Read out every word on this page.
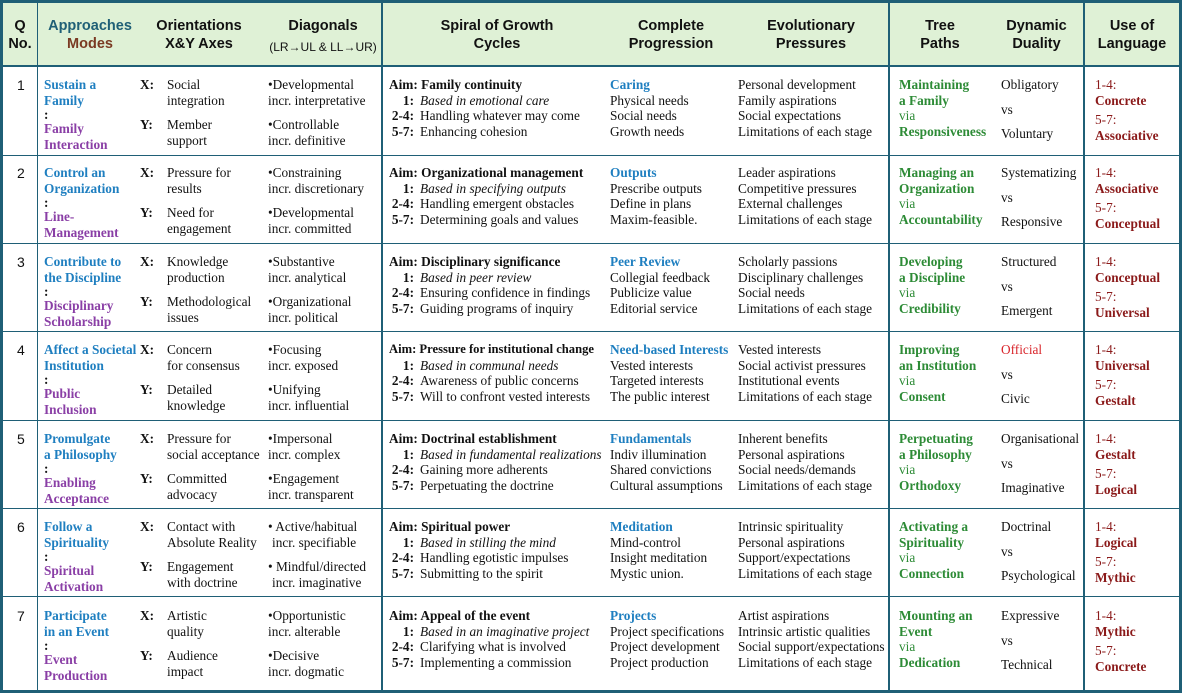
Q
No.
Approaches
Modes
Orientations
X&Y Axes
Diagonals
(LR→UL & LL→UR)
Spiral of Growth
Cycles
Complete
Progression
Evolutionary
Pressures
Tree
Paths
Dynamic
Duality
Use of
Language
1 Sustain a
Family
:
Family
Interaction
X: Social
integration
Y: Member
support
•Developmental
incr. interpretative
•Controllable
incr. definitive
Aim: Family continuity
1: Based in emotional care
2-4: Handling whatever may come
5-7: Enhancing cohesion
Caring
Physical needs
Social needs
Growth needs
Personal development
Family aspirations
Social expectations
Limitations of each stage
Maintaining
a Family
via
Responsiveness
Obligatory
vs
Voluntary
1-4:
Concrete
5-7:
Associative
2 Control an
Organization
:
Line-
Management
X: Pressure for
results
Y: Need for
engagement
•Constraining
incr. discretionary
•Developmental
incr. committed
Aim: Organizational management
1: Based in specifying outputs
2-4: Handling emergent obstacles
5-7: Determining goals and values
Outputs
Prescribe outputs
Define in plans
Maxim-feasible.
Leader aspirations
Competitive pressures
External challenges
Limitations of each stage
Managing an
Organization
via
Accountability
Systematizing
vs
Responsive
1-4:
Associative
5-7:
Conceptual
3 Contribute to
the Discipline
:
Disciplinary
Scholarship
X: Knowledge
production
Y: Methodological
issues
•Substantive
incr. analytical
•Organizational
incr. political
Aim: Disciplinary significance
1: Based in peer review
2-4: Ensuring confidence in findings
5-7: Guiding programs of inquiry
Peer Review
Collegial feedback
Publicize value
Editorial service
Scholarly passions
Disciplinary challenges
Social needs
Limitations of each stage
Developing
a Discipline
via
Credibility
Structured
vs
Emergent
1-4:
Conceptual
5-7:
Universal
4 Affect a Societal
Institution
:
Public
Inclusion
X: Concern
for consensus
Y: Detailed
knowledge
•Focusing
incr. exposed
•Unifying
incr. influential
Aim: Pressure for institutional change
1: Based in communal needs
2-4: Awareness of public concerns
5-7: Will to confront vested interests
Need-based Interests
Vested interests
Targeted interests
The public interest
Vested interests
Social activist pressures
Institutional events
Limitations of each stage
Improving
an Institution
via
Consent
Official
vs
Civic
1-4:
Universal
5-7:
Gestalt
5 Promulgate
a Philosophy
:
Enabling
Acceptance
X: Pressure for
social acceptance
Y: Committed
advocacy
•Impersonal
incr. complex
•Engagement
incr. transparent
Aim: Doctrinal establishment
1: Based in fundamental realizations
2-4: Gaining more adherents
5-7: Perpetuating the doctrine
Fundamentals
Indiv illumination
Shared convictions
Cultural assumptions
Inherent benefits
Personal aspirations
Social needs/demands
Limitations of each stage
Perpetuating
a Philosophy
via
Orthodoxy
Organisational
vs
Imaginative
1-4:
Gestalt
5-7:
Logical
6 Follow a
Spirituality
:
Spiritual
Activation
X: Contact with
Absolute Reality
Y: Engagement
with doctrine
• Active/habitual
incr. specifiable
• Mindful/directed
incr. imaginative
Aim: Spiritual power
1: Based in stilling the mind
2-4: Handling egotistic impulses
5-7: Submitting to the spirit
Meditation
Mind-control
Insight meditation
Mystic union.
Intrinsic spirituality
Personal aspirations
Support/expectations
Limitations of each stage
Activating a
Spirituality
via
Connection
Doctrinal
vs
Psychological
1-4:
Logical
5-7:
Mythic
7 Participate
in an Event
:
Event
Production
X: Artistic
quality
Y: Audience
impact
•Opportunistic
incr. alterable
•Decisive
incr. dogmatic
Aim: Appeal of the event
1: Based in an imaginative project
2-4: Clarifying what is involved
5-7: Implementing a commission
Projects
Project specifications
Project development
Project production
Artist aspirations
Intrinsic artistic qualities
Social support/expectations
Limitations of each stage
Mounting an
Event
via
Dedication
Expressive
vs
Technical
1-4:
Mythic
5-7:
Concrete
